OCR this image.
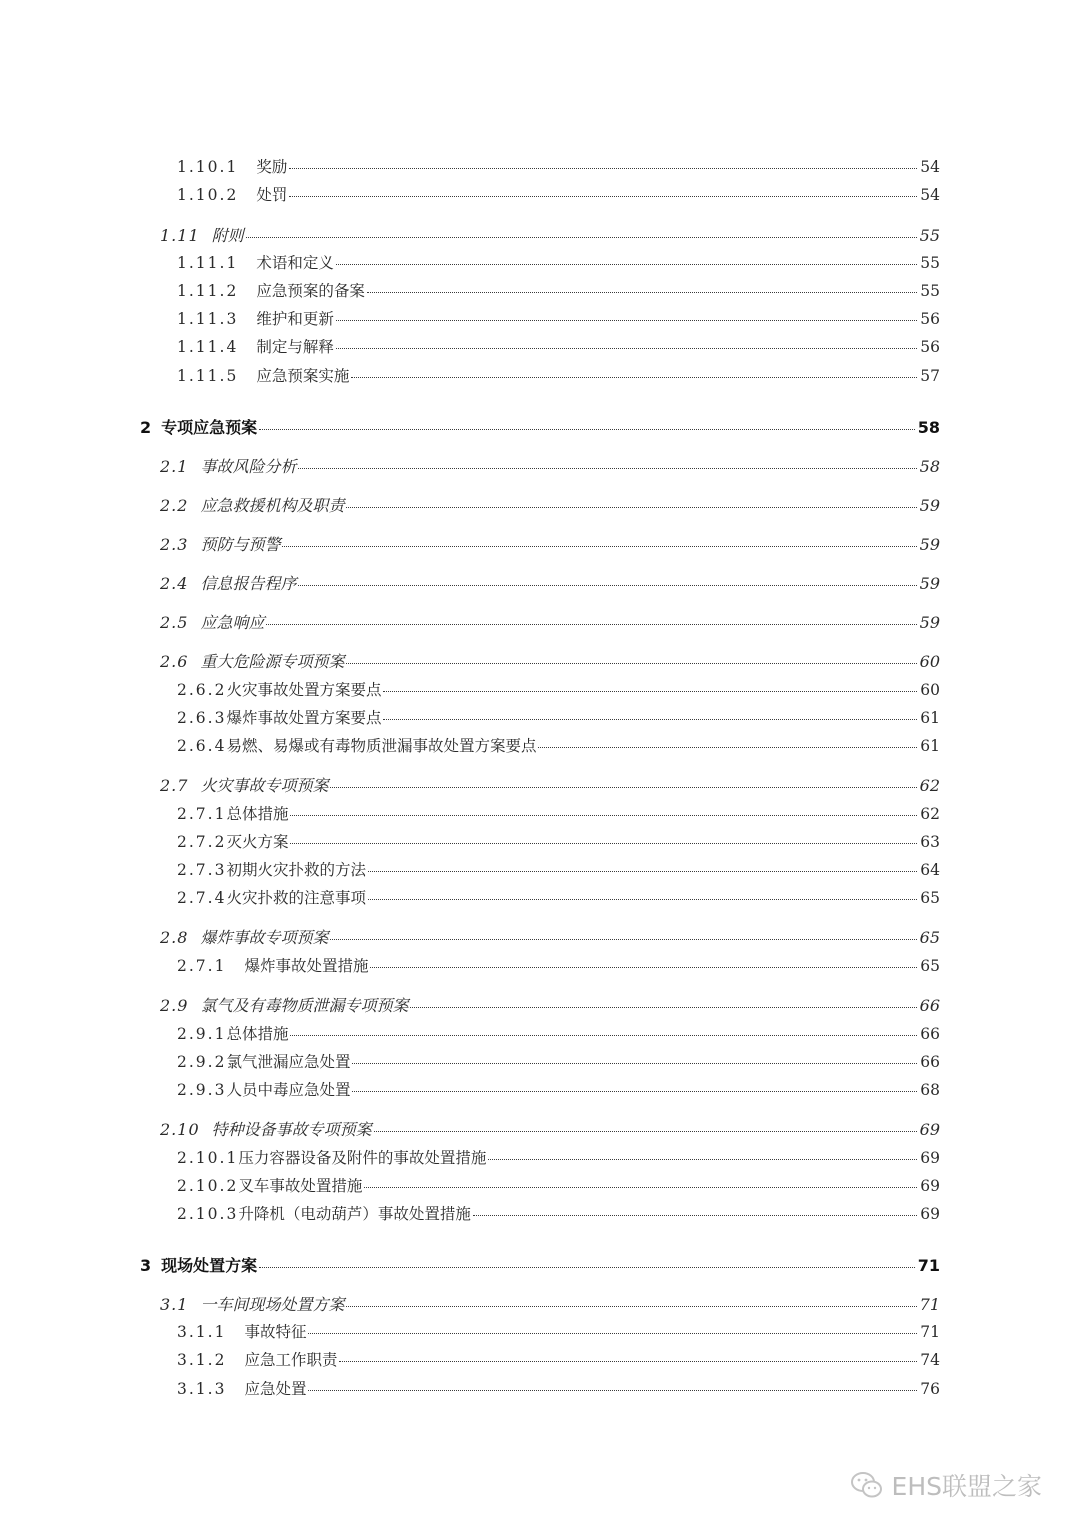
1.10.1 奖励	54
1.10.2 处罚	54
1.11 附则	55
1.11.1 术语和定义	55
1.11.2 应急预案的备案	55
1.11.3 维护和更新	56
1.11.4 制定与解释	56
1.11.5 应急预案实施	57
2 专项应急预案	58
2.1 事故风险分析	58
2.2 应急救援机构及职责	59
2.3 预防与预警	59
2.4 信息报告程序	59
2.5 应急响应	59
2.6 重大危险源专项预案	60
2.6.2 火灾事故处置方案要点	60
2.6.3 爆炸事故处置方案要点	61
2.6.4 易燃、易爆或有毒物质泄漏事故处置方案要点	61
2.7 火灾事故专项预案	62
2.7.1 总体措施	62
2.7.2 灭火方案	63
2.7.3 初期火灾扑救的方法	64
2.7.4 火灾扑救的注意事项	65
2.8 爆炸事故专项预案	65
2.7.1 爆炸事故处置措施	65
2.9 氯气及有毒物质泄漏专项预案	66
2.9.1 总体措施	66
2.9.2 氯气泄漏应急处置	66
2.9.3 人员中毒应急处置	68
2.10 特种设备事故专项预案	69
2.10.1 压力容器设备及附件的事故处置措施	69
2.10.2 叉车事故处置措施	69
2.10.3 升降机（电动葫芦）事故处置措施	69
3 现场处置方案	71
3.1 一车间现场处置方案	71
3.1.1 事故特征	71
3.1.2 应急工作职责	74
3.1.3 应急处置	76
EHS联盟之家
